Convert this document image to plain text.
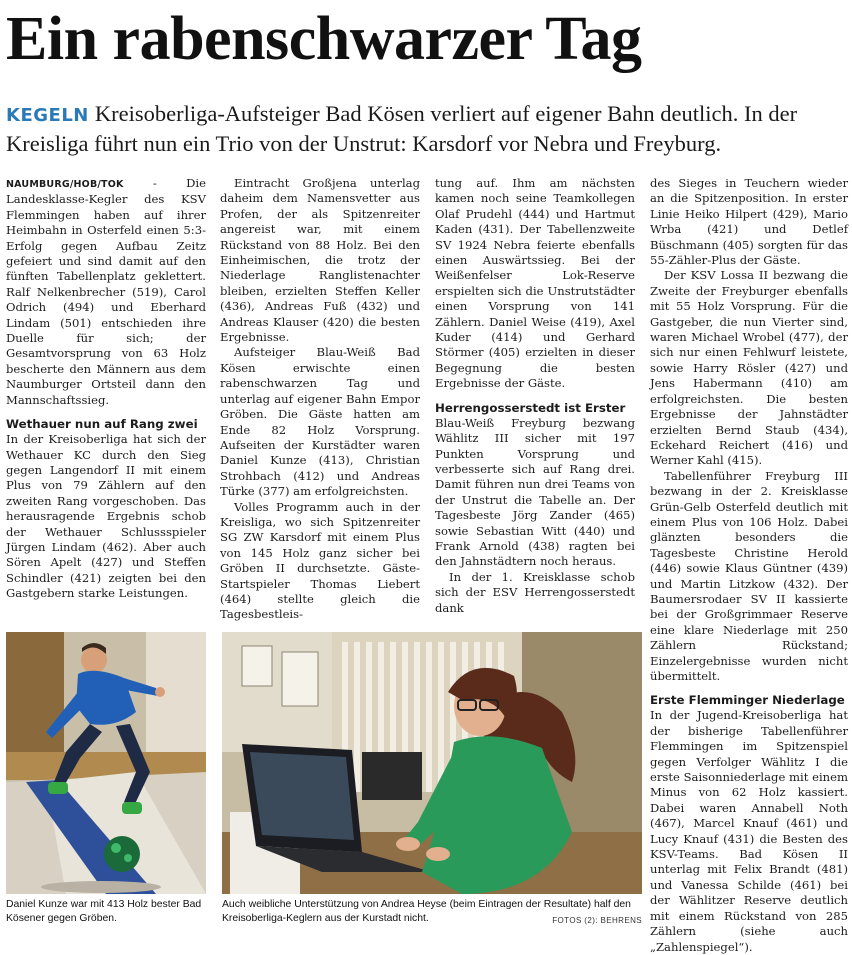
Ein rabenschwarzer Tag
KEGELN Kreisoberliga-Aufsteiger Bad Kösen verliert auf eigener Bahn deutlich. In der Kreisliga führt nun ein Trio von der Unstrut: Karsdorf vor Nebra und Freyburg.

NAUMBURG/HOB/TOK - Die Landesklasse-Kegler des KSV Flemmingen haben auf ihrer Heimbahn in Osterfeld einen 5:3-Erfolg gegen Aufbau Zeitz gefeiert und sind damit auf den fünften Tabellenplatz geklettert. Ralf Nelkenbrecher (519), Carol Odrich (494) und Eberhard Lindam (501) entschieden ihre Duelle für sich; der Gesamtvorsprung von 63 Holz bescherte den Männern aus dem Naumburger Ortsteil dann den Mannschaftssieg.

Wethauer nun auf Rang zwei

In der Kreisoberliga hat sich der Wethauer KC durch den Sieg gegen Langendorf II mit einem Plus von 79 Zählern auf den zweiten Rang vorgeschoben. Das herausragende Ergebnis schob der Wethauer Schlussspieler Jürgen Lindam (462). Aber auch Sören Apelt (427) und Steffen Schindler (421) zeigten bei den Gastgebern starke Leistungen.

Eintracht Großjena unterlag daheim dem Namensvetter aus Profen, der als Spitzenreiter angereist war, mit einem Rückstand von 88 Holz. Bei den Einheimischen, die trotz der Niederlage Ranglistenachter bleiben, erzielten Steffen Keller (436), Andreas Fuß (432) und Andreas Klauser (420) die besten Ergebnisse.

Aufsteiger Blau-Weiß Bad Kösen erwischte einen rabenschwarzen Tag und unterlag auf eigener Bahn Empor Gröben. Die Gäste hatten am Ende 82 Holz Vorsprung. Aufseiten der Kurstädter waren Daniel Kunze (413), Christian Strohbach (412) und Andreas Türke (377) am erfolgreichsten.

Volles Programm auch in der Kreisliga, wo sich Spitzenreiter SG ZW Karsdorf mit einem Plus von 145 Holz ganz sicher bei Gröben II durchsetzte. Gäste-Startspieler Thomas Liebert (464) stellte gleich die Tagesbestleis-

tung auf. Ihm am nächsten kamen noch seine Teamkollegen Olaf Prudehl (444) und Hartmut Kaden (431). Der Tabellenzweite SV 1924 Nebra feierte ebenfalls einen Auswärtssieg. Bei der Weißenfelser Lok-Reserve erspielten sich die Unstrutstädter einen Vorsprung von 141 Zählern. Daniel Weise (419), Axel Kuder (414) und Gerhard Störmer (405) erzielten in dieser Begegnung die besten Ergebnisse der Gäste.

Herrengosserstedt ist Erster

Blau-Weiß Freyburg bezwang Wählitz III sicher mit 197 Punkten Vorsprung und verbesserte sich auf Rang drei. Damit führen nun drei Teams von der Unstrut die Tabelle an. Der Tagesbeste Jörg Zander (465) sowie Sebastian Witt (440) und Frank Arnold (438) ragten bei den Jahnstädtern noch heraus.

In der 1. Kreisklasse schob sich der ESV Herrengosserstedt dank

des Sieges in Teuchern wieder an die Spitzenposition. In erster Linie Heiko Hilpert (429), Mario Wrba (421) und Detlef Büschmann (405) sorgten für das 55-Zähler-Plus der Gäste.

Der KSV Lossa II bezwang die Zweite der Freyburger ebenfalls mit 55 Holz Vorsprung. Für die Gastgeber, die nun Vierter sind, waren Michael Wrobel (477), der sich nur einen Fehlwurf leistete, sowie Harry Rösler (427) und Jens Habermann (410) am erfolgreichsten. Die besten Ergebnisse der Jahnstädter erzielten Bernd Staub (434), Eckehard Reichert (416) und Werner Kahl (415).

Tabellenführer Freyburg III bezwang in der 2. Kreisklasse Grün-Gelb Osterfeld deutlich mit einem Plus von 106 Holz. Dabei glänzten besonders die Tagesbeste Christine Herold (446) sowie Klaus Güntner (439) und Martin Litzkow (432). Der Baumersrodaer SV II kassierte bei der Großgrimmaer Reserve eine klare Niederlage mit 250 Zählern Rückstand; Einzelergebnisse wurden nicht übermittelt.

Erste Flemminger Niederlage

In der Jugend-Kreisoberliga hat der bisherige Tabellenführer Flemmingen im Spitzenspiel gegen Verfolger Wählitz I die erste Saisonniederlage mit einem Minus von 62 Holz kassiert. Dabei waren Annabell Noth (467), Marcel Knauf (461) und Lucy Knauf (431) die Besten des KSV-Teams. Bad Kösen II unterlag mit Felix Brandt (481) und Vanessa Schilde (461) bei der Wählitzer Reserve deutlich mit einem Rückstand von 285 Zählern (siehe auch „Zahlenspiegel“).

Daniel Kunze war mit 413 Holz bester Bad Kösener gegen Gröben.
Auch weibliche Unterstützung von Andrea Heyse (beim Eintragen der Resultate) half den Kreisoberliga-Keglern aus der Kurstadt nicht.	FOTOS (2): BEHRENS
